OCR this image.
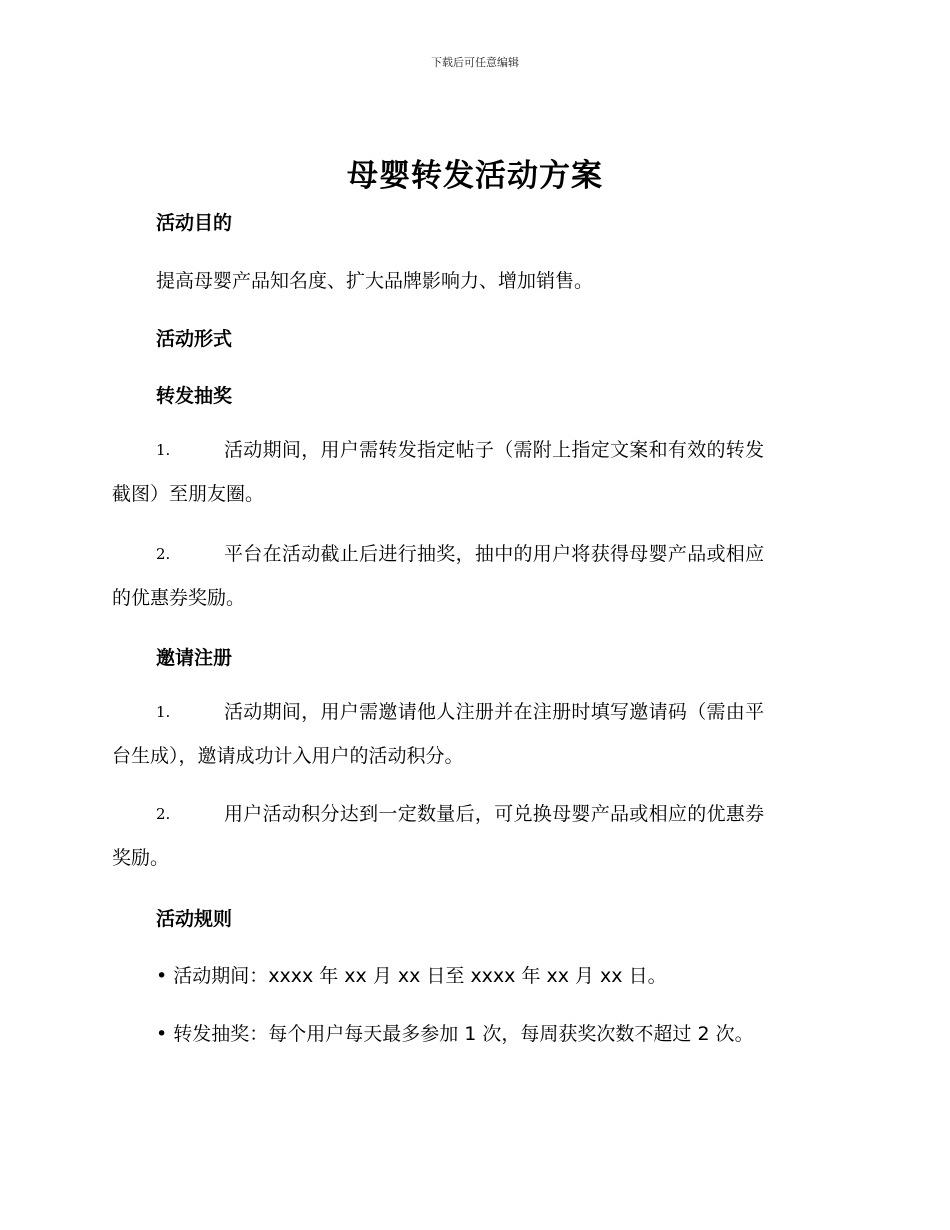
下载后可任意编辑
母婴转发活动方案
活动目的
提高母婴产品知名度、扩大品牌影响力、增加销售。
活动形式
转发抽奖
1.	活动期间，用户需转发指定帖子（需附上指定文案和有效的转发
截图）至朋友圈。
2.	平台在活动截止后进行抽奖，抽中的用户将获得母婴产品或相应
的优惠券奖励。
邀请注册
1.	活动期间，用户需邀请他人注册并在注册时填写邀请码（需由平
台生成），邀请成功计入用户的活动积分。
2.	用户活动积分达到一定数量后，可兑换母婴产品或相应的优惠券
奖励。
活动规则
• 活动期间：xxxx 年 xx 月 xx 日至 xxxx 年 xx 月 xx 日。
• 转发抽奖：每个用户每天最多参加 1 次，每周获奖次数不超过 2 次。
